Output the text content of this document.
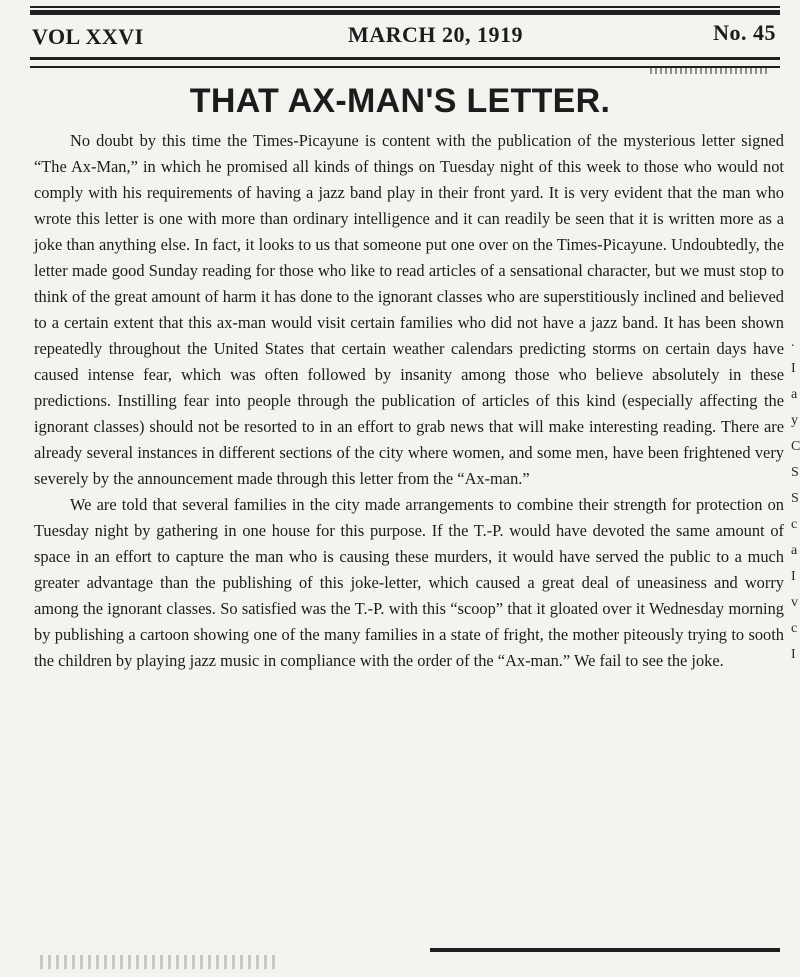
VOL XXVI	MARCH 20, 1919	No. 45
THAT AX-MAN'S LETTER.

No doubt by this time the Times-Picayune is content with the publication of the mysterious letter signed “The Ax-Man,” in which he promised all kinds of things on Tuesday night of this week to those who would not comply with his requirements of having a jazz band play in their front yard. It is very evident that the man who wrote this letter is one with more than ordinary intelligence and it can readily be seen that it is written more as a joke than anything else. In fact, it looks to us that someone put one over on the Times-Picayune. Undoubtedly, the letter made good Sunday reading for those who like to read articles of a sensational character, but we must stop to think of the great amount of harm it has done to the ignorant classes who are superstitiously inclined and believed to a certain extent that this ax-man would visit certain families who did not have a jazz band. It has been shown repeatedly throughout the United States that certain weather calendars predicting storms on certain days have caused intense fear, which was often followed by insanity among those who believe absolutely in these predictions. Instilling fear into people through the publication of articles of this kind (especially affecting the ignorant classes) should not be resorted to in an effort to grab news that will make interesting reading. There are already several instances in different sections of the city where women, and some men, have been frightened very severely by the announcement made through this letter from the “Ax-man.”

We are told that several families in the city made arrangements to combine their strength for protection on Tuesday night by gathering in one house for this purpose. If the T.-P. would have devoted the same amount of space in an effort to capture the man who is causing these murders, it would have served the public to a much greater advantage than the publishing of this joke-letter, which caused a great deal of uneasiness and worry among the ignorant classes. So satisfied was the T.-P. with this “scoop” that it gloated over it Wednesday morning by publishing a cartoon showing one of the many families in a state of fright, the mother piteously trying to sooth the children by playing jazz music in compliance with the order of the “Ax-man.” We fail to see the joke.

.
I
a
y
C
S
S
c
a
I
v
c
I
